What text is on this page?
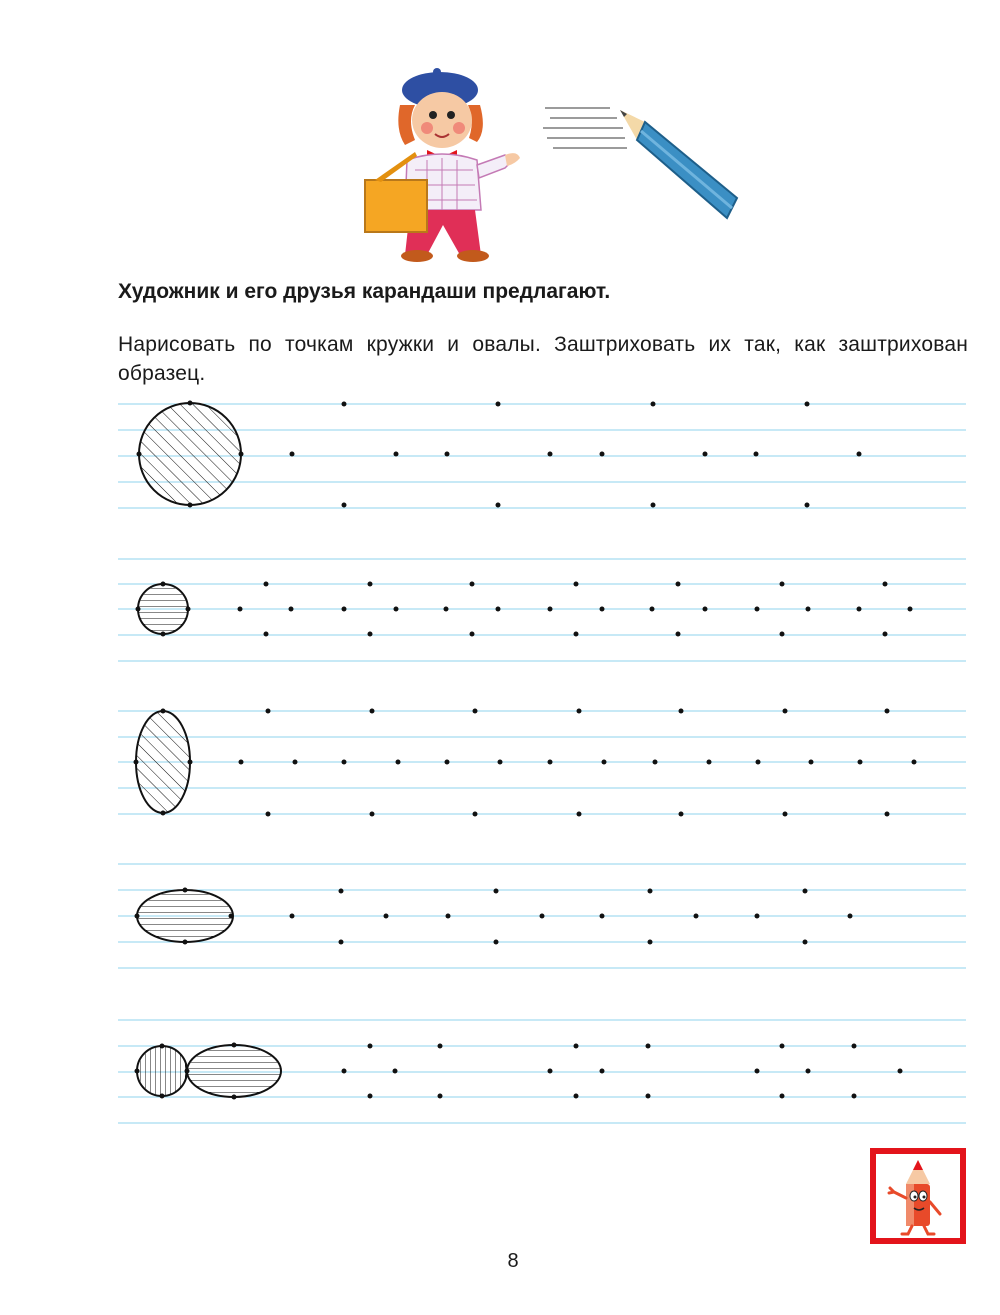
Художник и его друзья карандаши предлагают.

Нарисовать по точкам кружки и овалы. Заштриховать их так, как заштрихован образец.

8
